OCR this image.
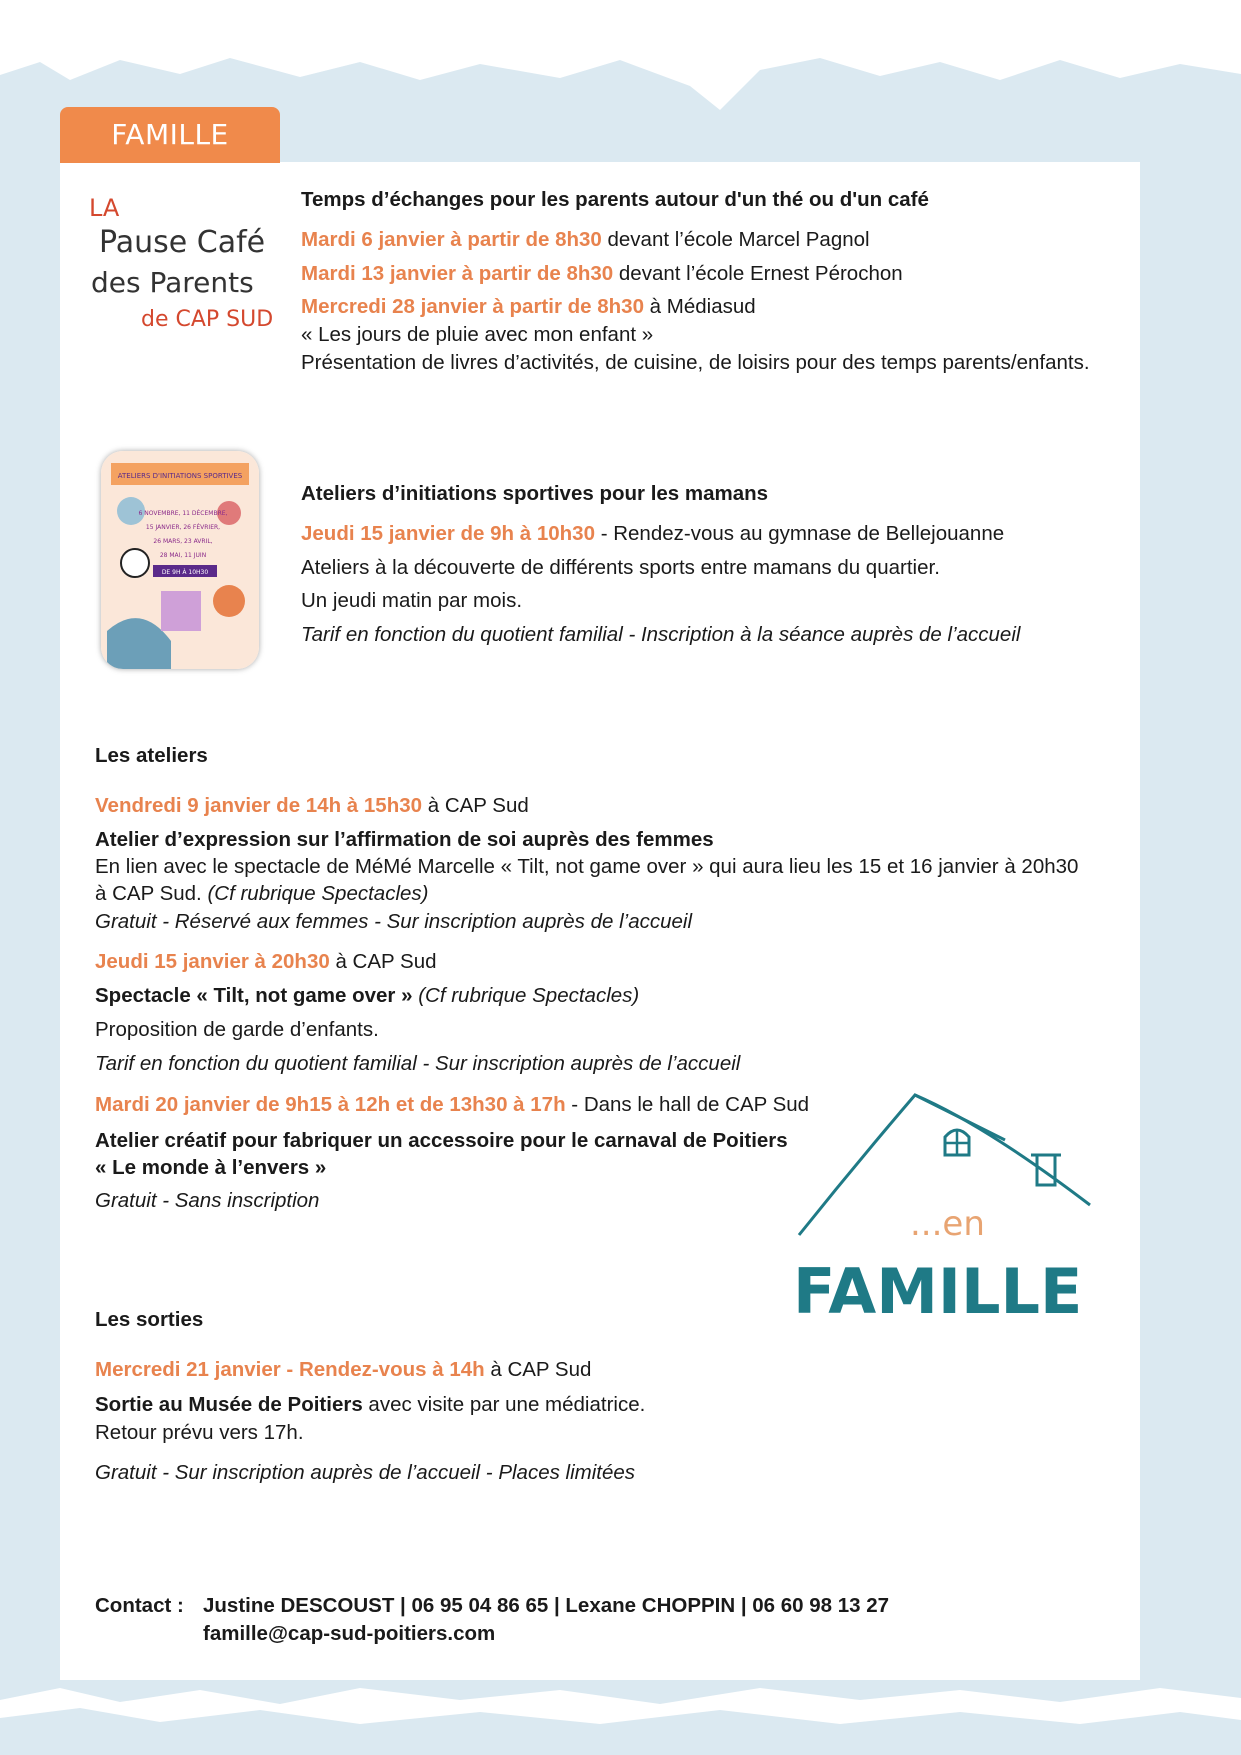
FAMILLE
LA
Pause Café
des Parents
de CAP SUD
Temps d’échanges pour les parents autour d'un thé ou d'un café
Mardi 6 janvier à partir de 8h30 devant l’école Marcel Pagnol
Mardi 13 janvier à partir de 8h30 devant l’école Ernest Pérochon
Mercredi 28 janvier à partir de 8h30 à Médiasud
« Les jours de pluie avec mon enfant »
Présentation de livres d’activités, de cuisine, de loisirs pour des temps parents/enfants.
ATELIERS D'INITIATIONS SPORTIVES
6 NOVEMBRE, 11 DÉCEMBRE,
15 JANVIER, 26 FÉVRIER,
26 MARS, 23 AVRIL,
28 MAI, 11 JUIN
DE 9H À 10H30
Ateliers d’initiations sportives pour les mamans
Jeudi 15 janvier de 9h à 10h30 - Rendez-vous au gymnase de Bellejouanne
Ateliers à la découverte de différents sports entre mamans du quartier.
Un jeudi matin par mois.
Tarif en fonction du quotient familial - Inscription à la séance auprès de l’accueil
Les ateliers
Vendredi 9 janvier de 14h à 15h30 à CAP Sud
Atelier d’expression sur l’affirmation de soi auprès des femmes
En lien avec le spectacle de MéMé Marcelle « Tilt, not game over » qui aura lieu les 15 et 16 janvier à 20h30
à CAP Sud. (Cf rubrique Spectacles)
Gratuit - Réservé aux femmes - Sur inscription auprès de l’accueil
Jeudi 15 janvier à 20h30 à CAP Sud
Spectacle « Tilt, not game over » (Cf rubrique Spectacles)
Proposition de garde d’enfants.
Tarif en fonction du quotient familial - Sur inscription auprès de l’accueil
Mardi 20 janvier de 9h15 à 12h et de 13h30 à 17h - Dans le hall de CAP Sud
Atelier créatif pour fabriquer un accessoire pour le carnaval de Poitiers
« Le monde à l’envers »
Gratuit - Sans inscription
...en
FAMILLE
Les sorties
Mercredi 21 janvier - Rendez-vous à 14h à CAP Sud
Sortie au Musée de Poitiers avec visite par une médiatrice.
Retour prévu vers 17h.
Gratuit - Sur inscription auprès de l’accueil - Places limitées
Contact : Justine DESCOUST | 06 95 04 86 65 | Lexane CHOPPIN | 06 60 98 13 27
famille@cap-sud-poitiers.com
